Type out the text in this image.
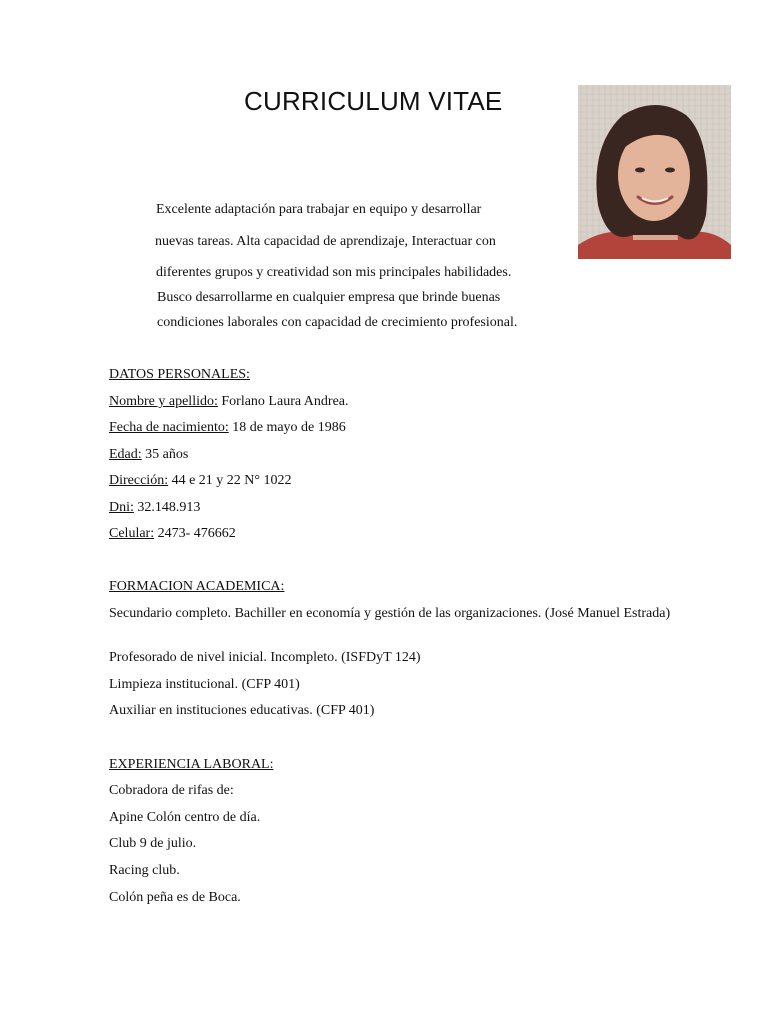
CURRICULUM VITAE
Excelente adaptación para trabajar en equipo y desarrollar
nuevas tareas. Alta capacidad de aprendizaje, Interactuar con
diferentes grupos y creatividad son mis principales habilidades.
Busco desarrollarme en cualquier empresa que brinde buenas
condiciones laborales con capacidad de crecimiento profesional.
DATOS PERSONALES:
Nombre y apellido: Forlano Laura Andrea.
Fecha de nacimiento: 18 de mayo de 1986
Edad: 35 años
Dirección: 44 e 21 y 22 N° 1022
Dni: 32.148.913
Celular: 2473- 476662
FORMACION ACADEMICA:
Secundario completo. Bachiller en economía y gestión de las organizaciones. (José Manuel Estrada)
Profesorado de nivel inicial. Incompleto. (ISFDyT 124)
Limpieza institucional. (CFP 401)
Auxiliar en instituciones educativas. (CFP 401)
EXPERIENCIA LABORAL:
Cobradora de rifas de:
Apine Colón centro de día.
Club 9 de julio.
Racing club.
Colón peña es de Boca.
